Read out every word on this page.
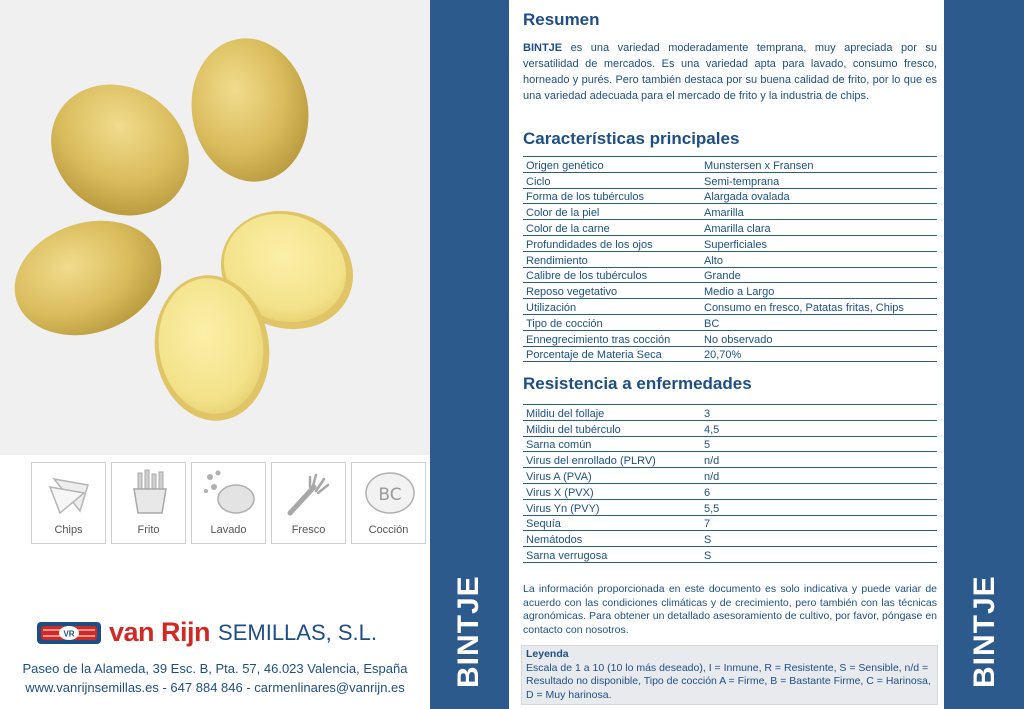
Chips	Frito	Lavado	Fresco
BC
Cocción
VR van Rijn SEMILLAS, S.L.
Paseo de la Alameda, 39 Esc. B, Pta. 57, 46.023 Valencia, España
www.vanrijnsemillas.es - 647 884 846 - carmenlinares@vanrijn.es	BINTJE	BINTJE
Resumen
BINTJE es una variedad moderadamente temprana, muy apreciada por su versatilidad de mercados. Es una variedad apta para lavado, consumo fresco, horneado y purés. Pero también destaca por su buena calidad de frito, por lo que es una variedad adecuada para el mercado de frito y la industria de chips.
Características principales
Origen genético	Munstersen x Fransen
Ciclo	Semi-temprana
Forma de los tubérculos	Alargada ovalada
Color de la piel	Amarilla
Color de la carne	Amarilla clara
Profundidades de los ojos	Superficiales
Rendimiento	Alto
Calibre de los tubérculos	Grande
Reposo vegetativo	Medio a Largo
Utilización	Consumo en fresco, Patatas fritas, Chips
Tipo de cocción	BC
Ennegrecimiento tras cocción	No observado
Porcentaje de Materia Seca	20,70%
Resistencia a enfermedades
Mildiu del follaje	3
Mildiu del tubérculo	4,5
Sarna común	5
Virus del enrollado (PLRV)	n/d
Virus A (PVA)	n/d
Virus X (PVX)	6
Virus Yn (PVY)	5,5
Sequía	7
Nemátodos	S
Sarna verrugosa	S
La información proporcionada en este documento es solo indicativa y puede variar de acuerdo con las condiciones climáticas y de crecimiento, pero también con las técnicas agronómicas. Para obtener un detallado asesoramiento de cultivo, por favor, póngase en contacto con nosotros.
Leyenda
Escala de 1 a 10 (10 lo más deseado), I = Inmune, R = Resistente, S = Sensible, n/d = Resultado no disponible, Tipo de cocción A = Firme, B = Bastante Firme, C = Harinosa, D = Muy harinosa.
